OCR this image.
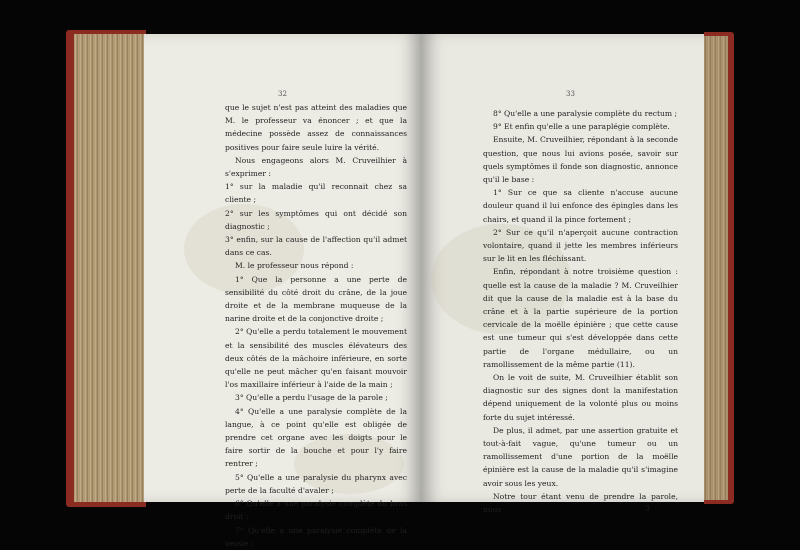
32

que le sujet n'est pas atteint des maladies que M. le professeur va énoncer ; et que la médecine possède assez de connaissances positives pour faire seule luire la vérité.

Nous engageons alors M. Cruveilhier à s'exprimer :

1° sur la maladie qu'il reconnait chez sa cliente ;

2° sur les symptômes qui ont décidé son diagnostic ;

3° enfin, sur la cause de l'affection qu'il admet dans ce cas.

M. le professeur nous répond :

1° Que la personne a une perte de sensibilité du côté droit du crâne, de la joue droite et de la membrane muqueuse de la narine droite et de la conjonctive droite ;

2° Qu'elle a perdu totalement le mouvement et la sensibilité des muscles élévateurs des deux côtés de la mâchoire inférieure, en sorte qu'elle ne peut mâcher qu'en faisant mouvoir l'os maxillaire inférieur à l'aide de la main ;

3° Qu'elle a perdu l'usage de la parole ;

4° Qu'elle a une paralysie complète de la langue, à ce point qu'elle est obligée de prendre cet organe avec les doigts pour le faire sortir de la bouche et pour l'y faire rentrer ;

5° Qu'elle a une paralysie du pharynx avec perte de la faculté d'avaler ;

6° Qu'elle a une paralysie complète du bras droit ;

7° Qu'elle a une paralysie complète de la vessie ;

33

8° Qu'elle a une paralysie complète du rectum ;

9° Et enfin qu'elle a une paraplégie complète.

Ensuite, M. Cruveilhier, répondant à la seconde question, que nous lui avions posée, savoir sur quels symptômes il fonde son diagnostic, annonce qu'il le base :

1° Sur ce que sa cliente n'accuse aucune douleur quand il lui enfonce des épingles dans les chairs, et quand il la pince fortement ;

2° Sur ce qu'il n'aperçoit aucune contraction volontaire, quand il jette les membres inférieurs sur le lit en les fléchissant.

Enfin, répondant à notre troisième question : quelle est la cause de la maladie ? M. Cruveilhier dit que la cause de la maladie est à la base du crâne et à la partie supérieure de la portion cervicale de la moëlle épinière ; que cette cause est une tumeur qui s'est développée dans cette partie de l'organe médullaire, ou un ramollissement de la même partie (11).

On le voit de suite, M. Cruveilhier établit son diagnostic sur des signes dont la manifestation dépend uniquement de la volonté plus ou moins forte du sujet intéressé.

De plus, il admet, par une assertion gratuite et tout-à-fait vague, qu'une tumeur ou un ramollissement d'une portion de la moëlle épinière est la cause de la maladie qu'il s'imagine avoir sous les yeux.

Notre tour étant venu de prendre la parole, nous	3
